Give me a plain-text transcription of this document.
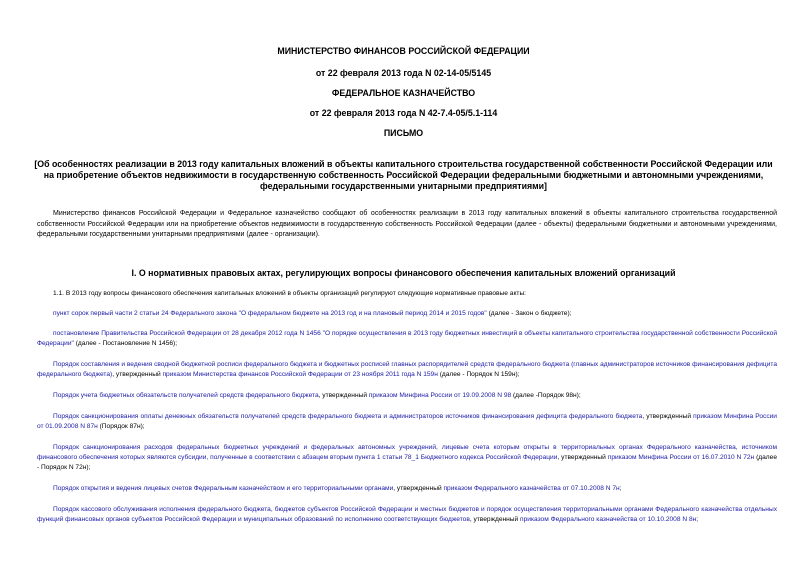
МИНИСТЕРСТВО ФИНАНСОВ РОССИЙСКОЙ ФЕДЕРАЦИИ
от 22 февраля 2013 года N 02-14-05/5145
ФЕДЕРАЛЬНОЕ КАЗНАЧЕЙСТВО
от 22 февраля 2013 года N 42-7.4-05/5.1-114
ПИСЬМО
[Об особенностях реализации в 2013 году капитальных вложений в объекты капитального строительства государственной собственности Российской Федерации или на приобретение объектов недвижимости в государственную собственность Российской Федерации федеральными бюджетными и автономными учреждениями, федеральными государственными унитарными предприятиями]
Министерство финансов Российской Федерации и Федеральное казначейство сообщают об особенностях реализации в 2013 году капитальных вложений в объекты капитального строительства государственной собственности Российской Федерации или на приобретение объектов недвижимости в государственную собственность Российской Федерации (далее - объекты) федеральными бюджетными и автономными учреждениями, федеральными государственными унитарными предприятиями (далее - организации).
I. О нормативных правовых актах, регулирующих вопросы финансового обеспечения капитальных вложений организаций
1.1. В 2013 году вопросы финансового обеспечения капитальных вложений в объекты организаций регулируют следующие нормативные правовые акты:
пункт сорок первый части 2 статьи 24 Федерального закона "О федеральном бюджете на 2013 год и на плановый период 2014 и 2015 годов" (далее - Закон о бюджете);
постановление Правительства Российской Федерации от 28 декабря 2012 года N 1456 "О порядке осуществления в 2013 году бюджетных инвестиций в объекты капитального строительства государственной собственности Российской Федерации" (далее - Постановление N 1456);
Порядок составления и ведения сводной бюджетной росписи федерального бюджета и бюджетных росписей главных распорядителей средств федерального бюджета (главных администраторов источников финансирования дефицита федерального бюджета), утвержденный приказом Министерства финансов Российской Федерации от 23 ноября 2011 года N 159н (далее - Порядок N 159н);
Порядок учета бюджетных обязательств получателей средств федерального бюджета, утвержденный приказом Минфина России от 19.09.2008 N 98 (далее -Порядок 98н);
Порядок санкционирования оплаты денежных обязательств получателей средств федерального бюджета и администраторов источников финансирования дефицита федерального бюджета, утвержденный приказом Минфина России от 01.09.2008 N 87н (Порядок 87н);
Порядок санкционирования расходов федеральных бюджетных учреждений и федеральных автономных учреждений, лицевые счета которым открыты в территориальных органах Федерального казначейства, источником финансового обеспечения которых являются субсидии, полученные в соответствии с абзацем вторым пункта 1 статьи 78_1 Бюджетного кодекса Российской Федерации, утвержденный приказом Минфина России от 16.07.2010 N 72н (далее - Порядок N 72н);
Порядок открытия и ведения лицевых счетов Федеральным казначейством и его территориальными органами, утвержденный приказом Федерального казначейства от 07.10.2008 N 7н;
Порядок кассового обслуживания исполнения федерального бюджета, бюджетов субъектов Российской Федерации и местных бюджетов и порядок осуществления территориальными органами Федерального казначейства отдельных функций финансовых органов субъектов Российской Федерации и муниципальных образований по исполнению соответствующих бюджетов, утвержденный приказом Федерального казначейства от 10.10.2008 N 8н;
